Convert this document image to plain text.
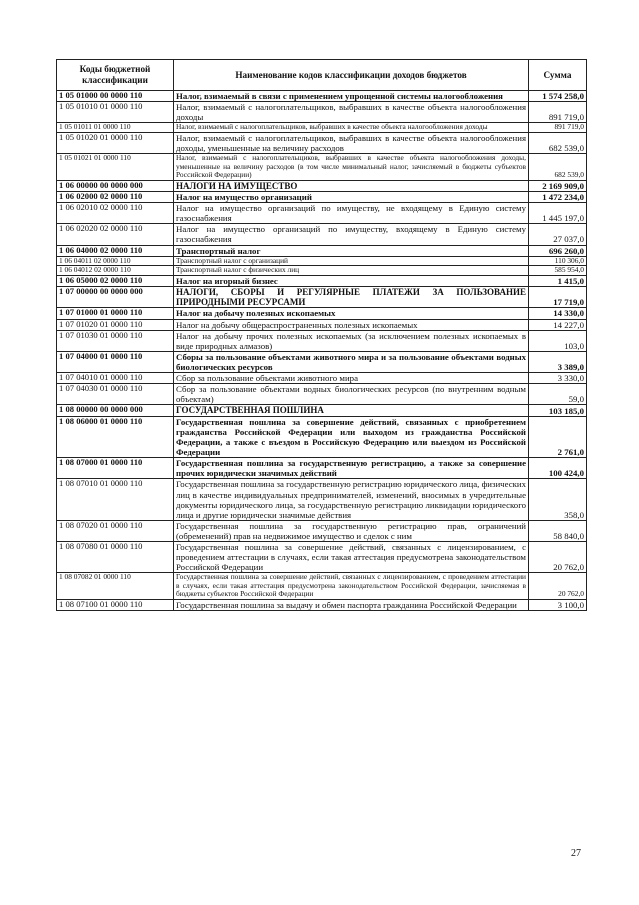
Коды бюджетной классификации	Наименование кодов классификации доходов бюджетов	Сумма
1 05 01000 00 0000 110	Налог, взимаемый в связи с применением упрощенной системы налогообложения	1 574 258,0
1 05 01010 01 0000 110	Налог, взимаемый с налогоплательщиков, выбравших в качестве объекта налогообложения доходы	891 719,0
1 05 01011 01 0000 110	Налог, взимаемый с налогоплательщиков, выбравших в качестве объекта налогообложения доходы	891 719,0
1 05 01020 01 0000 110	Налог, взимаемый с налогоплательщиков, выбравших в качестве объекта налогообложения доходы, уменьшенные на величину расходов	682 539,0
1 05 01021 01 0000 110	Налог, взимаемый с налогоплательщиков, выбравших в качестве объекта налогообложения доходы, уменьшенные на величину расходов (в том числе минимальный налог, зачисляемый в бюджеты субъектов Российской Федерации)	682 539,0
1 06 00000 00 0000 000	НАЛОГИ НА ИМУЩЕСТВО	2 169 909,0
1 06 02000 02 0000 110	Налог на имущество организаций	1 472 234,0
1 06 02010 02 0000 110	Налог на имущество организаций по имуществу, не входящему в Единую систему газоснабжения	1 445 197,0
1 06 02020 02 0000 110	Налог на имущество организаций по имуществу, входящему в Единую систему газоснабжения	27 037,0
1 06 04000 02 0000 110	Транспортный налог	696 260,0
1 06 04011 02 0000 110	Транспортный налог с организаций	110 306,0
1 06 04012 02 0000 110	Транспортный налог с физических лиц	585 954,0
1 06 05000 02 0000 110	Налог на игорный бизнес	1 415,0
1 07 00000 00 0000 000	НАЛОГИ, СБОРЫ И РЕГУЛЯРНЫЕ ПЛАТЕЖИ ЗА ПОЛЬЗОВАНИЕ ПРИРОДНЫМИ РЕСУРСАМИ	17 719,0
1 07 01000 01 0000 110	Налог на добычу полезных ископаемых	14 330,0
1 07 01020 01 0000 110	Налог на добычу общераспространенных полезных ископаемых	14 227,0
1 07 01030 01 0000 110	Налог на добычу прочих полезных ископаемых (за исключением полезных ископаемых в виде природных алмазов)	103,0
1 07 04000 01 0000 110	Сборы за пользование объектами животного мира и за пользование объектами водных биологических ресурсов	3 389,0
1 07 04010 01 0000 110	Сбор за пользование объектами животного мира	3 330,0
1 07 04030 01 0000 110	Сбор за пользование объектами водных биологических ресурсов (по внутренним водным объектам)	59,0
1 08 00000 00 0000 000	ГОСУДАРСТВЕННАЯ ПОШЛИНА	103 185,0
1 08 06000 01 0000 110	Государственная пошлина за совершение действий, связанных с приобретением гражданства Российской Федерации или выходом из гражданства Российской Федерации, а также с въездом в Российскую Федерацию или выездом из Российской Федерации	2 761,0
1 08 07000 01 0000 110	Государственная пошлина за государственную регистрацию, а также за совершение прочих юридически значимых действий	100 424,0
1 08 07010 01 0000 110	Государственная пошлина за государственную регистрацию юридического лица, физических лиц в качестве индивидуальных предпринимателей, изменений, вносимых в учредительные документы юридического лица, за государственную регистрацию ликвидации юридического лица и другие юридически значимые действия	358,0
1 08 07020 01 0000 110	Государственная пошлина за государственную регистрацию прав, ограничений (обременений) прав на недвижимое имущество и сделок с ним	58 840,0
1 08 07080 01 0000 110	Государственная пошлина за совершение действий, связанных с лицензированием, с проведением аттестации в случаях, если такая аттестация предусмотрена законодательством Российской Федерации	20 762,0
1 08 07082 01 0000 110	Государственная пошлина за совершение действий, связанных с лицензированием, с проведением аттестации в случаях, если такая аттестация предусмотрена законодательством Российской Федерации, зачисляемая в бюджеты субъектов Российской Федерации	20 762,0
1 08 07100 01 0000 110	Государственная пошлина за выдачу и обмен паспорта гражданина Российской Федерации	3 100,0
27
